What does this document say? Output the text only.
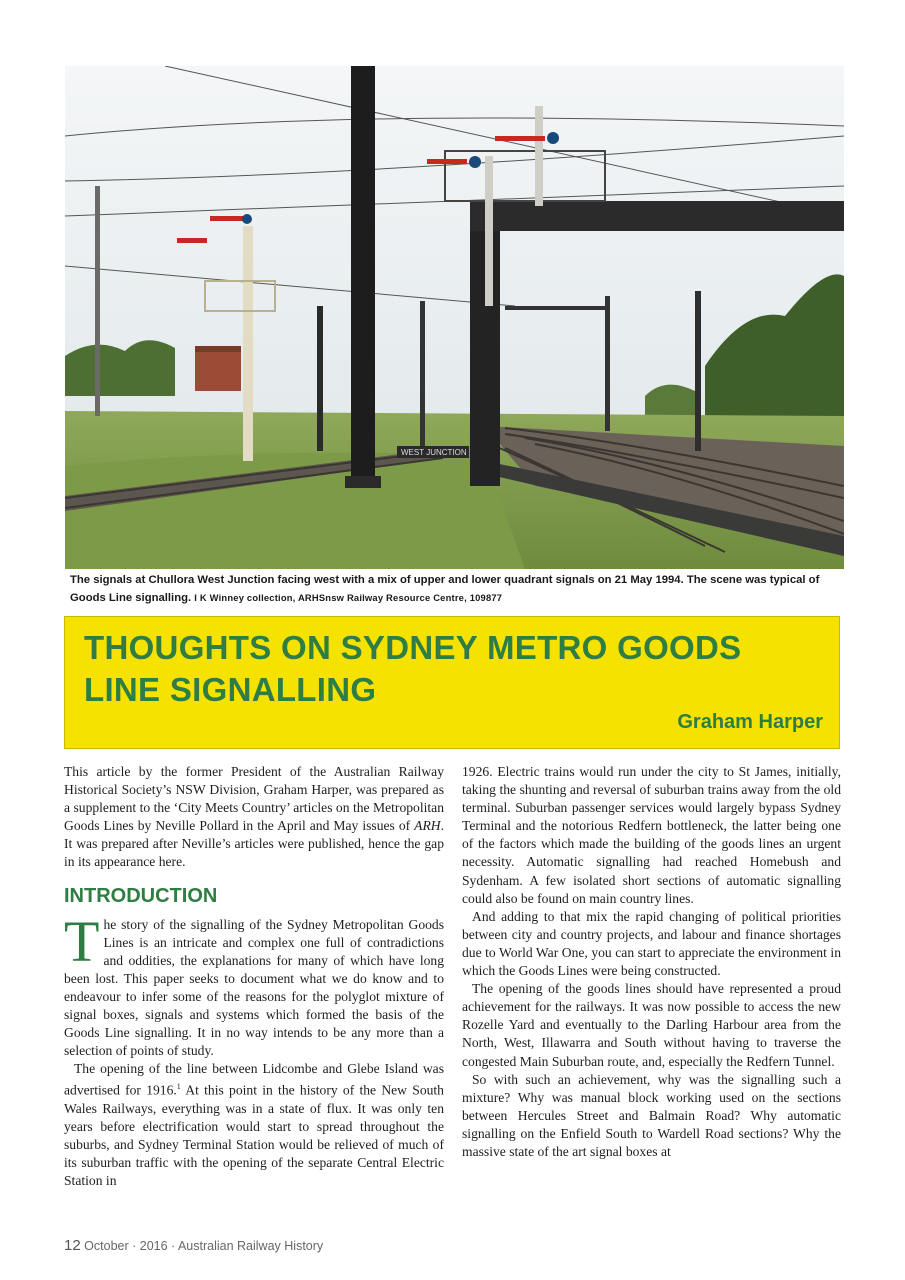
WEST JUNCTION
The signals at Chullora West Junction facing west with a mix of upper and lower quadrant signals on 21 May 1994. The scene was typical of Goods Line signalling. I K Winney collection, ARHSnsw Railway Resource Centre, 109877
THOUGHTS ON SYDNEY METRO GOODS
LINE SIGNALLING
Graham Harper

This article by the former President of the Australian Railway Historical Society’s NSW Division, Graham Harper, was prepared as a supplement to the ‘City Meets Country’ articles on the Metropolitan Goods Lines by Neville Pollard in the April and May issues of ARH. It was prepared after Neville’s articles were published, hence the gap in its appearance here.

INTRODUCTION

The story of the signalling of the Sydney Metropolitan Goods Lines is an intricate and complex one full of contradictions and oddities, the explanations for many of which have long been lost. This paper seeks to document what we do know and to endeavour to infer some of the reasons for the polyglot mixture of signal boxes, signals and systems which formed the basis of the Goods Line signalling. It in no way intends to be any more than a selection of points of study.

The opening of the line between Lidcombe and Glebe Island was advertised for 1916.$^1$ At this point in the history of the New South Wales Railways, everything was in a state of flux. It was only ten years before electrification would start to spread throughout the suburbs, and Sydney Terminal Station would be relieved of much of its suburban traffic with the opening of the separate Central Electric Station in

1926. Electric trains would run under the city to St James, initially, taking the shunting and reversal of suburban trains away from the old terminal. Suburban passenger services would largely bypass Sydney Terminal and the notorious Redfern bottleneck, the latter being one of the factors which made the building of the goods lines an urgent necessity. Automatic signalling had reached Homebush and Sydenham. A few isolated short sections of automatic signalling could also be found on main country lines.

And adding to that mix the rapid changing of political priorities between city and country projects, and labour and finance shortages due to World War One, you can start to appreciate the environment in which the Goods Lines were being constructed.

The opening of the goods lines should have represented a proud achievement for the railways. It was now possible to access the new Rozelle Yard and eventually to the Darling Harbour area from the North, West, Illawarra and South without having to traverse the congested Main Suburban route, and, especially the Redfern Tunnel.

So with such an achievement, why was the signalling such a mixture? Why was manual block working used on the sections between Hercules Street and Balmain Road? Why automatic signalling on the Enfield South to Wardell Road sections? Why the massive state of the art signal boxes at

12 October · 2016 · Australian Railway History
